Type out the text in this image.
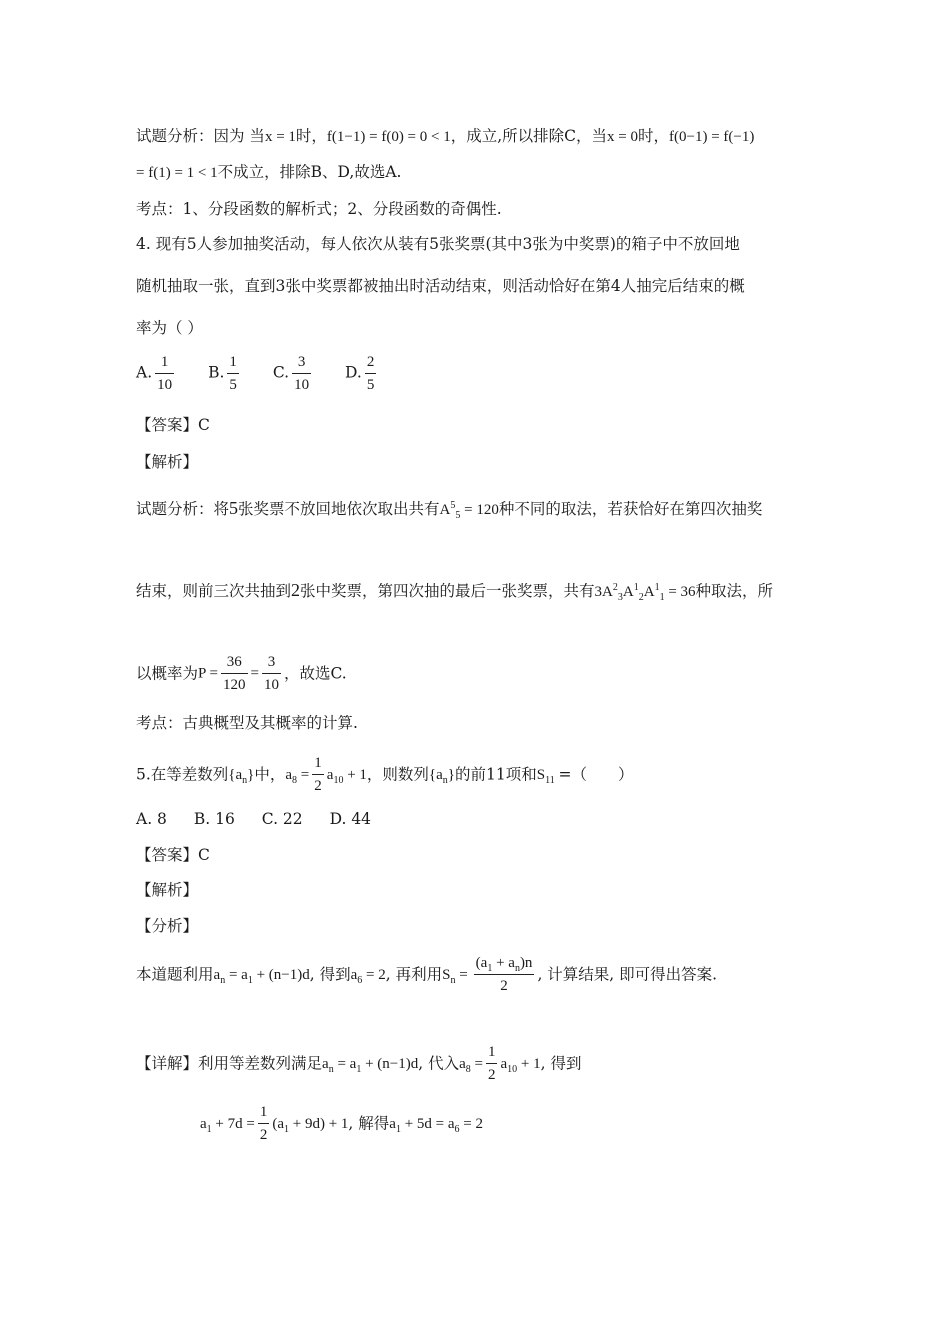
试题分析：因为 当x = 1时，f(1−1) = f(0) = 0 < 1，成立,所以排除C，当x = 0时，f(0−1) = f(−1)
= f(1) = 1 < 1不成立，排除B、D,故选A.
考点：1、分段函数的解析式；2、分段函数的奇偶性.
4. 现有5人参加抽奖活动，每人依次从装有5张奖票(其中3张为中奖票)的箱子中不放回地
随机抽取一张，直到3张中奖票都被抽出时活动结束，则活动恰好在第4人抽完后结束的概
率为（ ）
A. $\frac{1}{10} B$. $\frac{1}{5} C$. $\frac{3}{10} D$. $\frac{2}{5}$
【答案】C
【解析】
试题分析：将5张奖票不放回地依次取出共有$A^5_5 = 120$种不同的取法，若获恰好在第四次抽奖
结束，则前三次共抽到2张中奖票，第四次抽的最后一张奖票，共有$3A^2_3A^1_2A^1_1 = 36$种取法，所
以概率为$P = \frac{36}{120} = \frac{3}{10}$ ，故选C.
考点：古典概型及其概率的计算.
5.在等差数列$\{a_n\}$中，$a_8 = \frac{1}{2} a_{10} + 1$，则数列$\{a_n\}$的前11项和$S_{11}$ =（　　）
A. 8 B. 16 C. 22 D. 44
【答案】C
【解析】
【分析】
本道题利用$a_n = a_1 + (n-1)d$, 得到$a_6 = 2$, 再利用$S_n = \frac{(a_1 + a_n)n}{2}$ , 计算结果, 即可得出答案.
【详解】利用等差数列满足$a_n = a_1 + (n-1)d$, 代入$a_8 = \frac{1}{2} a_{10} + 1$, 得到
$a_1 + 7d = \frac{1}{2} (a_1 + 9d) + 1$, 解得$a_1 + 5d = a_6 = 2$
